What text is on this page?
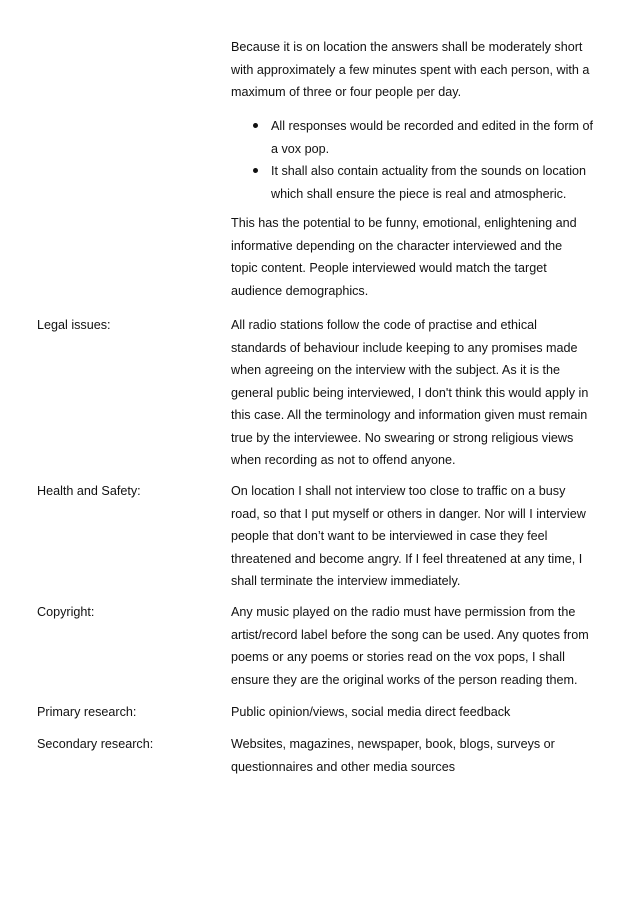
Because it is on location the answers shall be moderately short
with approximately a few minutes spent with each person, with a
maximum of three or four people per day.

All responses would be recorded and edited in the form of
a vox pop.
It shall also contain actuality from the sounds on location
which shall ensure the piece is real and atmospheric.

This has the potential to be funny, emotional, enlightening and
informative depending on the character interviewed and the
topic content. People interviewed would match the target
audience demographics.

Legal issues:	All radio stations follow the code of practise and ethical
standards of behaviour include keeping to any promises made
when agreeing on the interview with the subject. As it is the
general public being interviewed, I don't think this would apply in
this case. All the terminology and information given must remain
true by the interviewee. No swearing or strong religious views
when recording as not to offend anyone.

Health and Safety:	On location I shall not interview too close to traffic on a busy
road, so that I put myself or others in danger. Nor will I interview
people that don’t want to be interviewed in case they feel
threatened and become angry. If I feel threatened at any time, I
shall terminate the interview immediately.

Copyright:	Any music played on the radio must have permission from the
artist/record label before the song can be used. Any quotes from
poems or any poems or stories read on the vox pops, I shall
ensure they are the original works of the person reading them.

Primary research:	Public opinion/views, social media direct feedback

Secondary research:	Websites, magazines, newspaper, book, blogs, surveys or
questionnaires and other media sources
